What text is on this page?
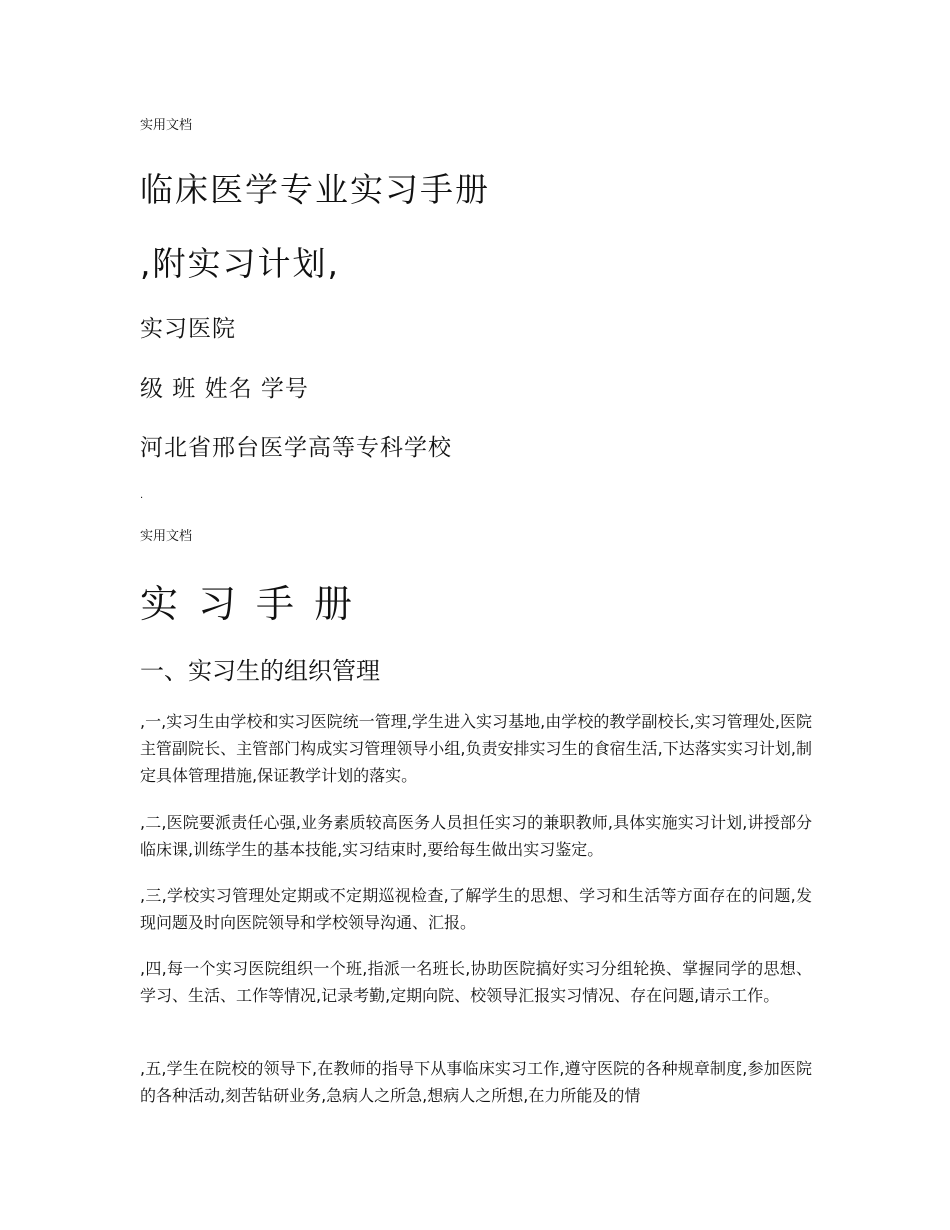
实用文档
临床医学专业实习手册
,附实习计划,
实习医院
级 班 姓名 学号
河北省邢台医学高等专科学校
.
实用文档
实习手册
一、实习生的组织管理

,一,实习生由学校和实习医院统一管理,学生进入实习基地,由学校的教学副校长,实习管理处,医院主管副院长、主管部门构成实习管理领导小组,负责安排实习生的食宿生活,下达落实实习计划,制定具体管理措施,保证教学计划的落实。

,二,医院要派责任心强,业务素质较高医务人员担任实习的兼职教师,具体实施实习计划,讲授部分临床课,训练学生的基本技能,实习结束时,要给每生做出实习鉴定。

,三,学校实习管理处定期或不定期巡视检查,了解学生的思想、学习和生活等方面存在的问题,发现问题及时向医院领导和学校领导沟通、汇报。

,四,每一个实习医院组织一个班,指派一名班长,协助医院搞好实习分组轮换、掌握同学的思想、学习、生活、工作等情况,记录考勤,定期向院、校领导汇报实习情况、存在问题,请示工作。

,五,学生在院校的领导下,在教师的指导下从事临床实习工作,遵守医院的各种规章制度,参加医院的各种活动,刻苦钻研业务,急病人之所急,想病人之所想,在力所能及的情
